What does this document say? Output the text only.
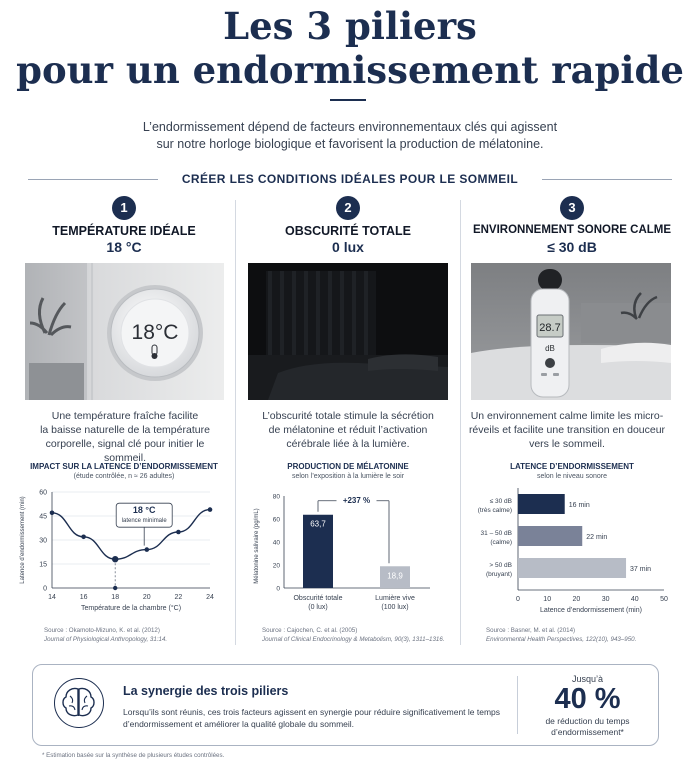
Les 3 piliers
pour un endormissement rapide
L’endormissement dépend de facteurs environnementaux clés qui agissent
sur notre horloge biologique et favorisent la production de mélatonine.
CRÉER LES CONDITIONS IDÉALES POUR LE SOMMEIL
1
TEMPÉRATURE IDÉALE
18 °C
18°C
Une température fraîche facilite
la baisse naturelle de la température
corporelle, signal clé pour initier le sommeil.
IMPACT SUR LA LATENCE D’ENDORMISSEMENT
(étude contrôlée, n ≈ 26 adultes)
0
15
30
45
60
14	16	18	20	22	24
18 °C
latence minimale
Température de la chambre (°C)
Latence d’endormissement (min)
Source : Okamoto-Mizuno, K. et al. (2012)
Journal of Physiological Anthropology, 31:14.
2
OBSCURITÉ TOTALE
0 lux
L’obscurité totale stimule la sécrétion
de mélatonine et réduit l’activation
cérébrale liée à la lumière.
PRODUCTION DE MÉLATONINE
selon l’exposition à la lumière le soir
0
20
40
60
80
63,7
Obscurité totale
(0 lux)
18,9
Lumière vive
(100 lux)
+237 %
Mélatonine salivaire (pg/mL)
Source : Cajochen, C. et al. (2005)
Journal of Clinical Endocrinology & Metabolism, 90(3), 1311–1316.
3
ENVIRONNEMENT SONORE CALME
≤ 30 dB
28.7
dB
Un environnement calme limite les micro-
réveils et facilite une transition en douceur
vers le sommeil.
LATENCE D’ENDORMISSEMENT
selon le niveau sonore
0	10	20	30	40	50
16 min
≤ 30 dB
(très calme)
22 min
31 – 50 dB
(calme)
37 min
> 50 dB
(bruyant)
Latence d’endormissement (min)
Source : Basner, M. et al. (2014)
Environmental Health Perspectives, 122(10), 943–950.
La synergie des trois piliers
Lorsqu’ils sont réunis, ces trois facteurs agissent en synergie pour réduire significativement le temps d’endormissement et améliorer la qualité globale du sommeil.
Jusqu’à
40 %
de réduction du temps
d’endormissement*
* Estimation basée sur la synthèse de plusieurs études contrôlées.
